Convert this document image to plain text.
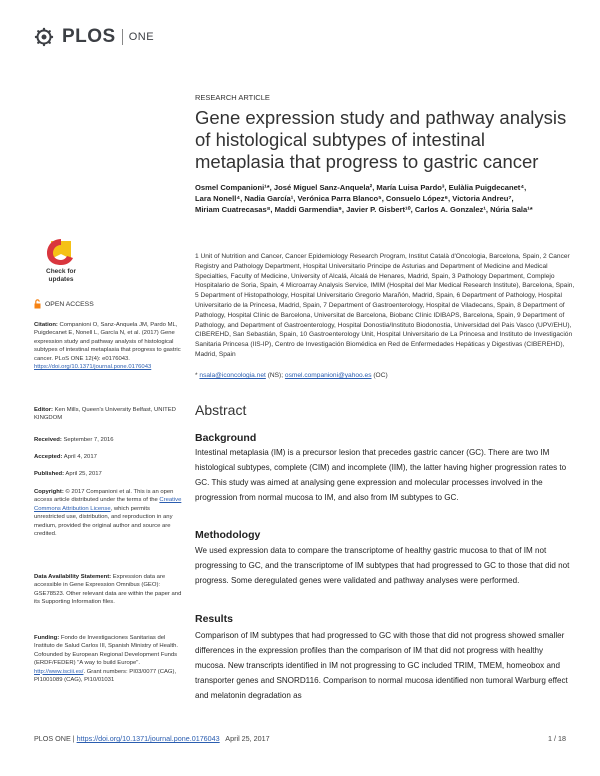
PLOS ONE
Check for
updates
OPEN ACCESS
Citation: Companioni O, Sanz-Anquela JM, Pardo ML, Puigdecanet E, Nonell L, García N, et al. (2017) Gene expression study and pathway analysis of histological subtypes of intestinal metaplasia that progress to gastric cancer. PLoS ONE 12(4): e0176043. https://doi.org/10.1371/journal.pone.0176043
Editor: Ken Mills, Queen's University Belfast, UNITED KINGDOM
Received: September 7, 2016
Accepted: April 4, 2017
Published: April 25, 2017
Copyright: © 2017 Companioni et al. This is an open access article distributed under the terms of the Creative Commons Attribution License, which permits unrestricted use, distribution, and reproduction in any medium, provided the original author and source are credited.
Data Availability Statement: Expression data are accessible in Gene Expression Omnibus (GEO): GSE78523. Other relevant data are within the paper and its Supporting Information files.
Funding: Fondo de Investigaciones Sanitarias del Instituto de Salud Carlos III, Spanish Ministry of Health. Cofounded by European Regional Development Funds (ERDF/FEDER) "A way to build Europe". http://www.isciii.es/. Grant numbers: PI03/0077 (CAG), PI1001089 (CAG), PI10/01031
RESEARCH ARTICLE
Gene expression study and pathway analysis of histological subtypes of intestinal metaplasia that progress to gastric cancer
Osmel Companioni¹*, José Miguel Sanz-Anquela², María Luisa Pardo³, Eulàlia Puigdecanet⁴, Lara Nonell⁴, Nadia García¹, Verónica Parra Blanco⁵, Consuelo López⁶, Victoria Andreu⁷, Miriam Cuatrecasas⁸, Maddi Garmendia⁹, Javier P. Gisbert¹⁰, Carlos A. Gonzalez¹, Núria Sala¹*
1 Unit of Nutrition and Cancer, Cancer Epidemiology Research Program, Institut Català d'Oncologia, Barcelona, Spain, 2 Cancer Registry and Pathology Department, Hospital Universitario Principe de Asturias and Department of Medicine and Medical Specialties, Faculty of Medicine, University of Alcalá, Alcalá de Henares, Madrid, Spain, 3 Pathology Department, Complejo Hospitalario de Soria, Spain, 4 Microarray Analysis Service, IMIM (Hospital del Mar Medical Research Institute), Barcelona, Spain, 5 Department of Histopathology, Hospital Universitario Gregorio Marañón, Madrid, Spain, 6 Department of Pathology, Hospital Universitario de la Princesa, Madrid, Spain, 7 Department of Gastroenterology, Hospital de Viladecans, Spain, 8 Department of Pathology, Hospital Clínic de Barcelona, Universitat de Barcelona, Biobanc Clínic IDIBAPS, Barcelona, Spain, 9 Department of Pathology, and Department of Gastroenterology, Hospital Donostia/Instituto Biodonostia, Universidad del Pais Vasco (UPV/EHU), CIBEREHD, San Sebastián, Spain, 10 Gastroenterology Unit, Hospital Universitario de La Princesa and Instituto de Investigación Sanitaria Princesa (IIS-IP), Centro de Investigación Biomédica en Red de Enfermedades Hepáticas y Digestivas (CIBEREHD), Madrid, Spain
* nsala@iconcologia.net (NS); osmel.companioni@yahoo.es (OC)
Abstract
Background
Intestinal metaplasia (IM) is a precursor lesion that precedes gastric cancer (GC). There are two IM histological subtypes, complete (CIM) and incomplete (IIM), the latter having higher progression rates to GC. This study was aimed at analysing gene expression and molecular processes involved in the progression from normal mucosa to IM, and also from IM subtypes to GC.
Methodology
We used expression data to compare the transcriptome of healthy gastric mucosa to that of IM not progressing to GC, and the transcriptome of IM subtypes that had progressed to GC to those that did not progress. Some deregulated genes were validated and pathway analyses were performed.
Results
Comparison of IM subtypes that had progressed to GC with those that did not progress showed smaller differences in the expression profiles than the comparison of IM that did not progress with healthy mucosa. New transcripts identified in IM not progressing to GC included TRIM, TMEM, homeobox and transporter genes and SNORD116. Comparison to normal mucosa identified non tumoral Warburg effect and melatonin degradation as
PLOS ONE | https://doi.org/10.1371/journal.pone.0176043   April 25, 2017	1 / 18
